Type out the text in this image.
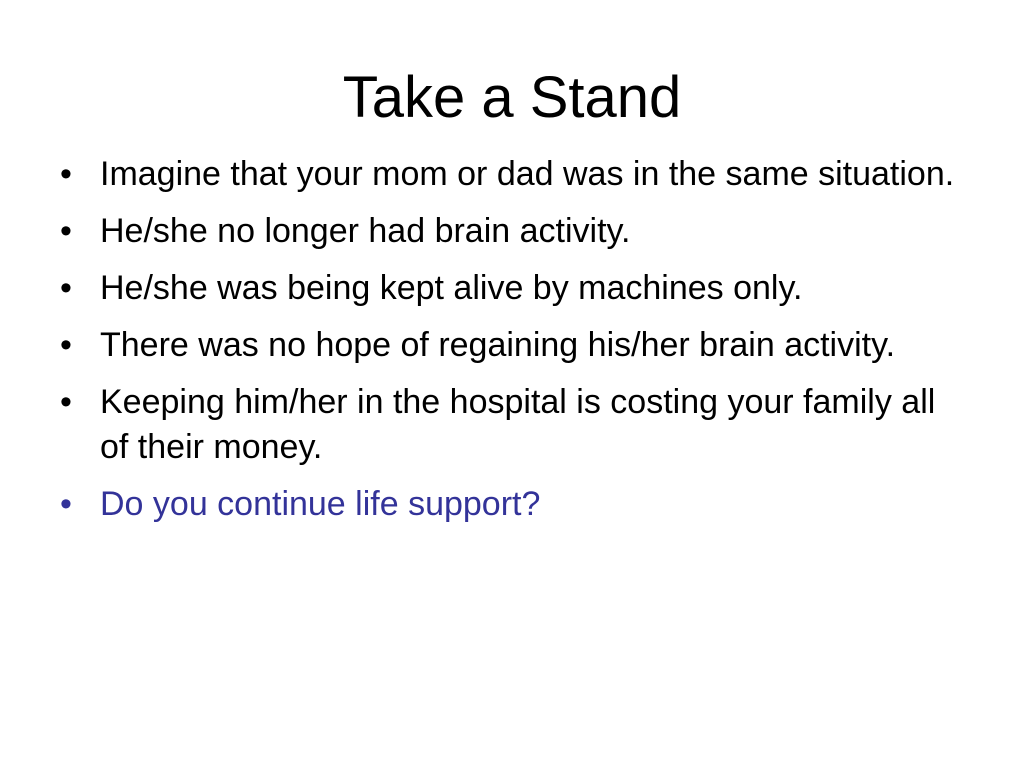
Take a Stand
• Imagine that your mom or dad was in the same situation.
• He/she no longer had brain activity.
• He/she was being kept alive by machines only.
• There was no hope of regaining his/her brain activity.
• Keeping him/her in the hospital is costing your family all of their money.
• Do you continue life support?
